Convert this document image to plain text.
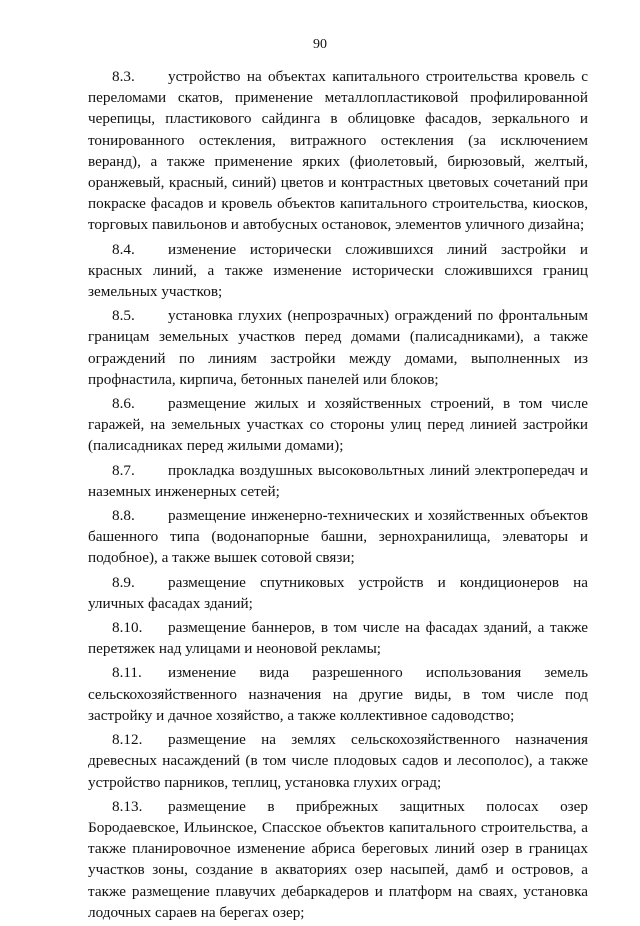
90

8.3. устройство на объектах капитального строительства кровель с переломами скатов, применение металлопластиковой профилированной черепицы, пластикового сайдинга в облицовке фасадов, зеркального и тонированного остекления, витражного остекления (за исключением веранд), а также применение ярких (фиолетовый, бирюзовый, желтый, оранжевый, красный, синий) цветов и контрастных цветовых сочетаний при покраске фасадов и кровель объектов капитального строительства, киосков, торговых павильонов и автобусных остановок, элементов уличного дизайна;

8.4. изменение исторически сложившихся линий застройки и красных линий, а также изменение исторически сложившихся границ земельных участков;

8.5. установка глухих (непрозрачных) ограждений по фронтальным границам земельных участков перед домами (палисадниками), а также ограждений по линиям застройки между домами, выполненных из профнастила, кирпича, бетонных панелей или блоков;

8.6. размещение жилых и хозяйственных строений, в том числе гаражей, на земельных участках со стороны улиц перед линией застройки (палисадниках перед жилыми домами);

8.7. прокладка воздушных высоковольтных линий электропередач и наземных инженерных сетей;

8.8. размещение инженерно-технических и хозяйственных объектов башенного типа (водонапорные башни, зернохранилища, элеваторы и подобное), а также вышек сотовой связи;

8.9. размещение спутниковых устройств и кондиционеров на уличных фасадах зданий;

8.10. размещение баннеров, в том числе на фасадах зданий, а также перетяжек над улицами и неоновой рекламы;

8.11. изменение вида разрешенного использования земель сельскохозяйственного назначения на другие виды, в том числе под застройку и дачное хозяйство, а также коллективное садоводство;

8.12. размещение на землях сельскохозяйственного назначения древесных насаждений (в том числе плодовых садов и лесополос), а также устройство парников, теплиц, установка глухих оград;

8.13. размещение в прибрежных защитных полосах озер Бородаевское, Ильинское, Спасское объектов капитального строительства, а также планировочное изменение абриса береговых линий озер в границах участков зоны, создание в акваториях озер насыпей, дамб и островов, а также размещение плавучих дебаркадеров и платформ на сваях, установка лодочных сараев на берегах озер;
